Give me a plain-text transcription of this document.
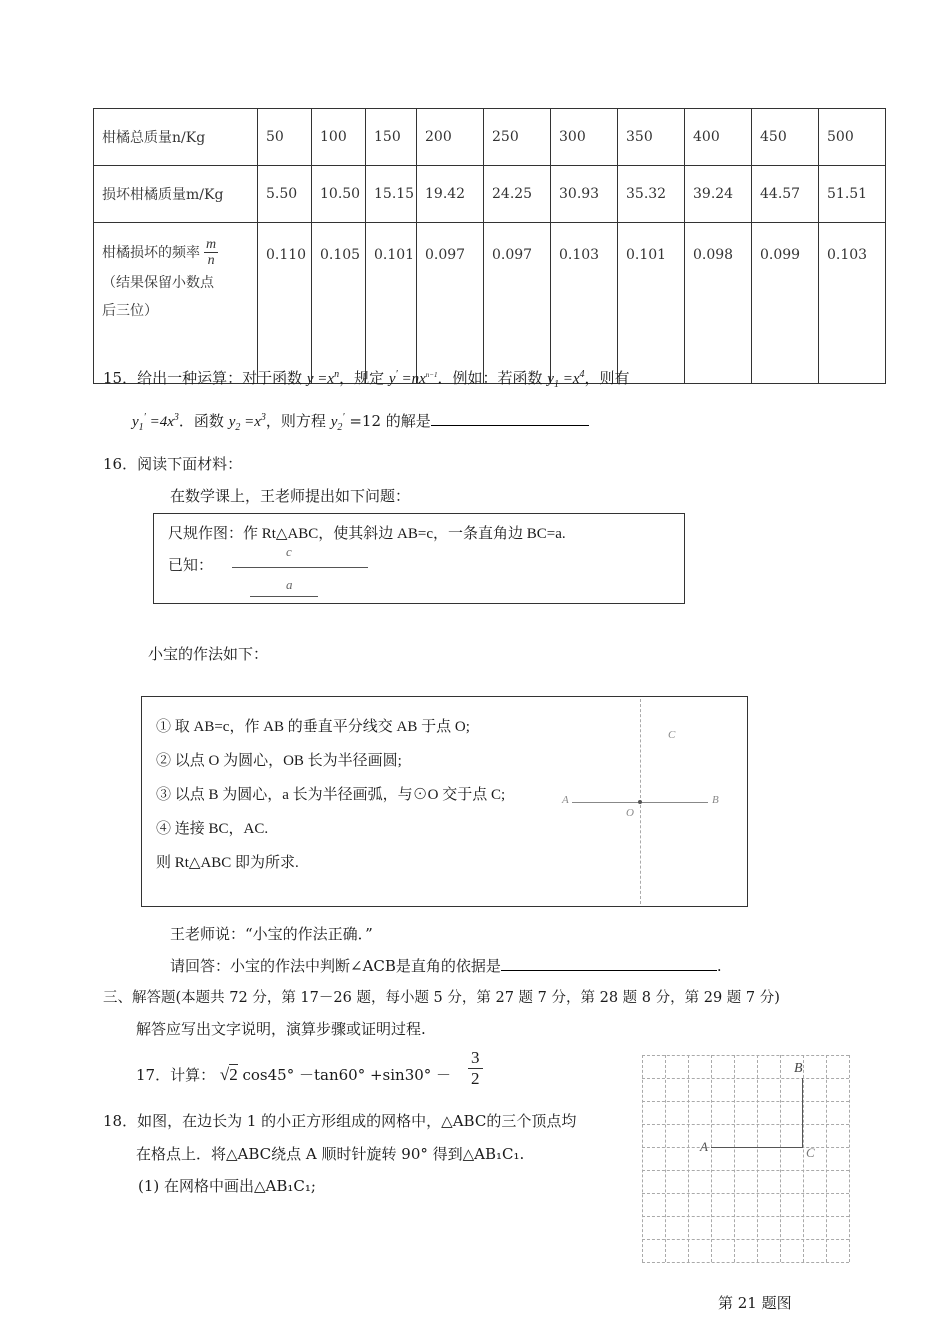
柑橘总质量n/Kg	50	100	150	200	250	300	350	400	450	500
损坏柑橘质量m/Kg	5.50	10.50	15.15	19.42	24.25	30.93	35.32	39.24	44.57	51.51

柑橘损坏的频率 $\frac{m}{n}$
（结果保留小数点
后三位）	0.110	0.105	0.101	0.097	0.097	0.103	0.101	0.098	0.099	0.103
15．给出一种运算：对于函数 $y =x^n$，规定 $y' =nx^{n-1}$．例如：若函数 $y_1 =x^4$，则有
$y_1' =4x^3$．函数 $y_2 =x^3$，则方程 $y_2' =12$ 的解是
16．阅读下面材料：
在数学课上，王老师提出如下问题：
尺规作图：作 Rt△ABC，使其斜边 AB=c，一条直角边 BC=a.
已知：
c
a
小宝的作法如下：
① 取 AB=c，作 AB 的垂直平分线交 AB 于点 O;
② 以点 O 为圆心，OB 长为半径画圆;
③ 以点 B 为圆心，a 长为半径画弧，与⊙O 交于点 C;
④ 连接 BC，AC.
则 Rt△ABC 即为所求.
A	B
O
C
王老师说：“小宝的作法正确．”
请回答：小宝的作法中判断∠ACB是直角的依据是	.
三、解答题(本题共 72 分，第 17－26 题，每小题 5 分，第 27 题 7 分，第 28 题 8 分，第 29 题 7 分)
解答应写出文字说明，演算步骤或证明过程.
17．计算： √2 $\cos 45^\circ -\tan 60^\circ +\sin 30^\circ - \frac{3}{2}$
18．如图，在边长为 1 的小正方形组成的网格中，△ABC的三个顶点均
在格点上．将△ABC绕点 A 顺时针旋转 90° 得到△AB₁C₁.
(1) 在网格中画出△AB₁C₁;
A
B
C
第 21 题图
